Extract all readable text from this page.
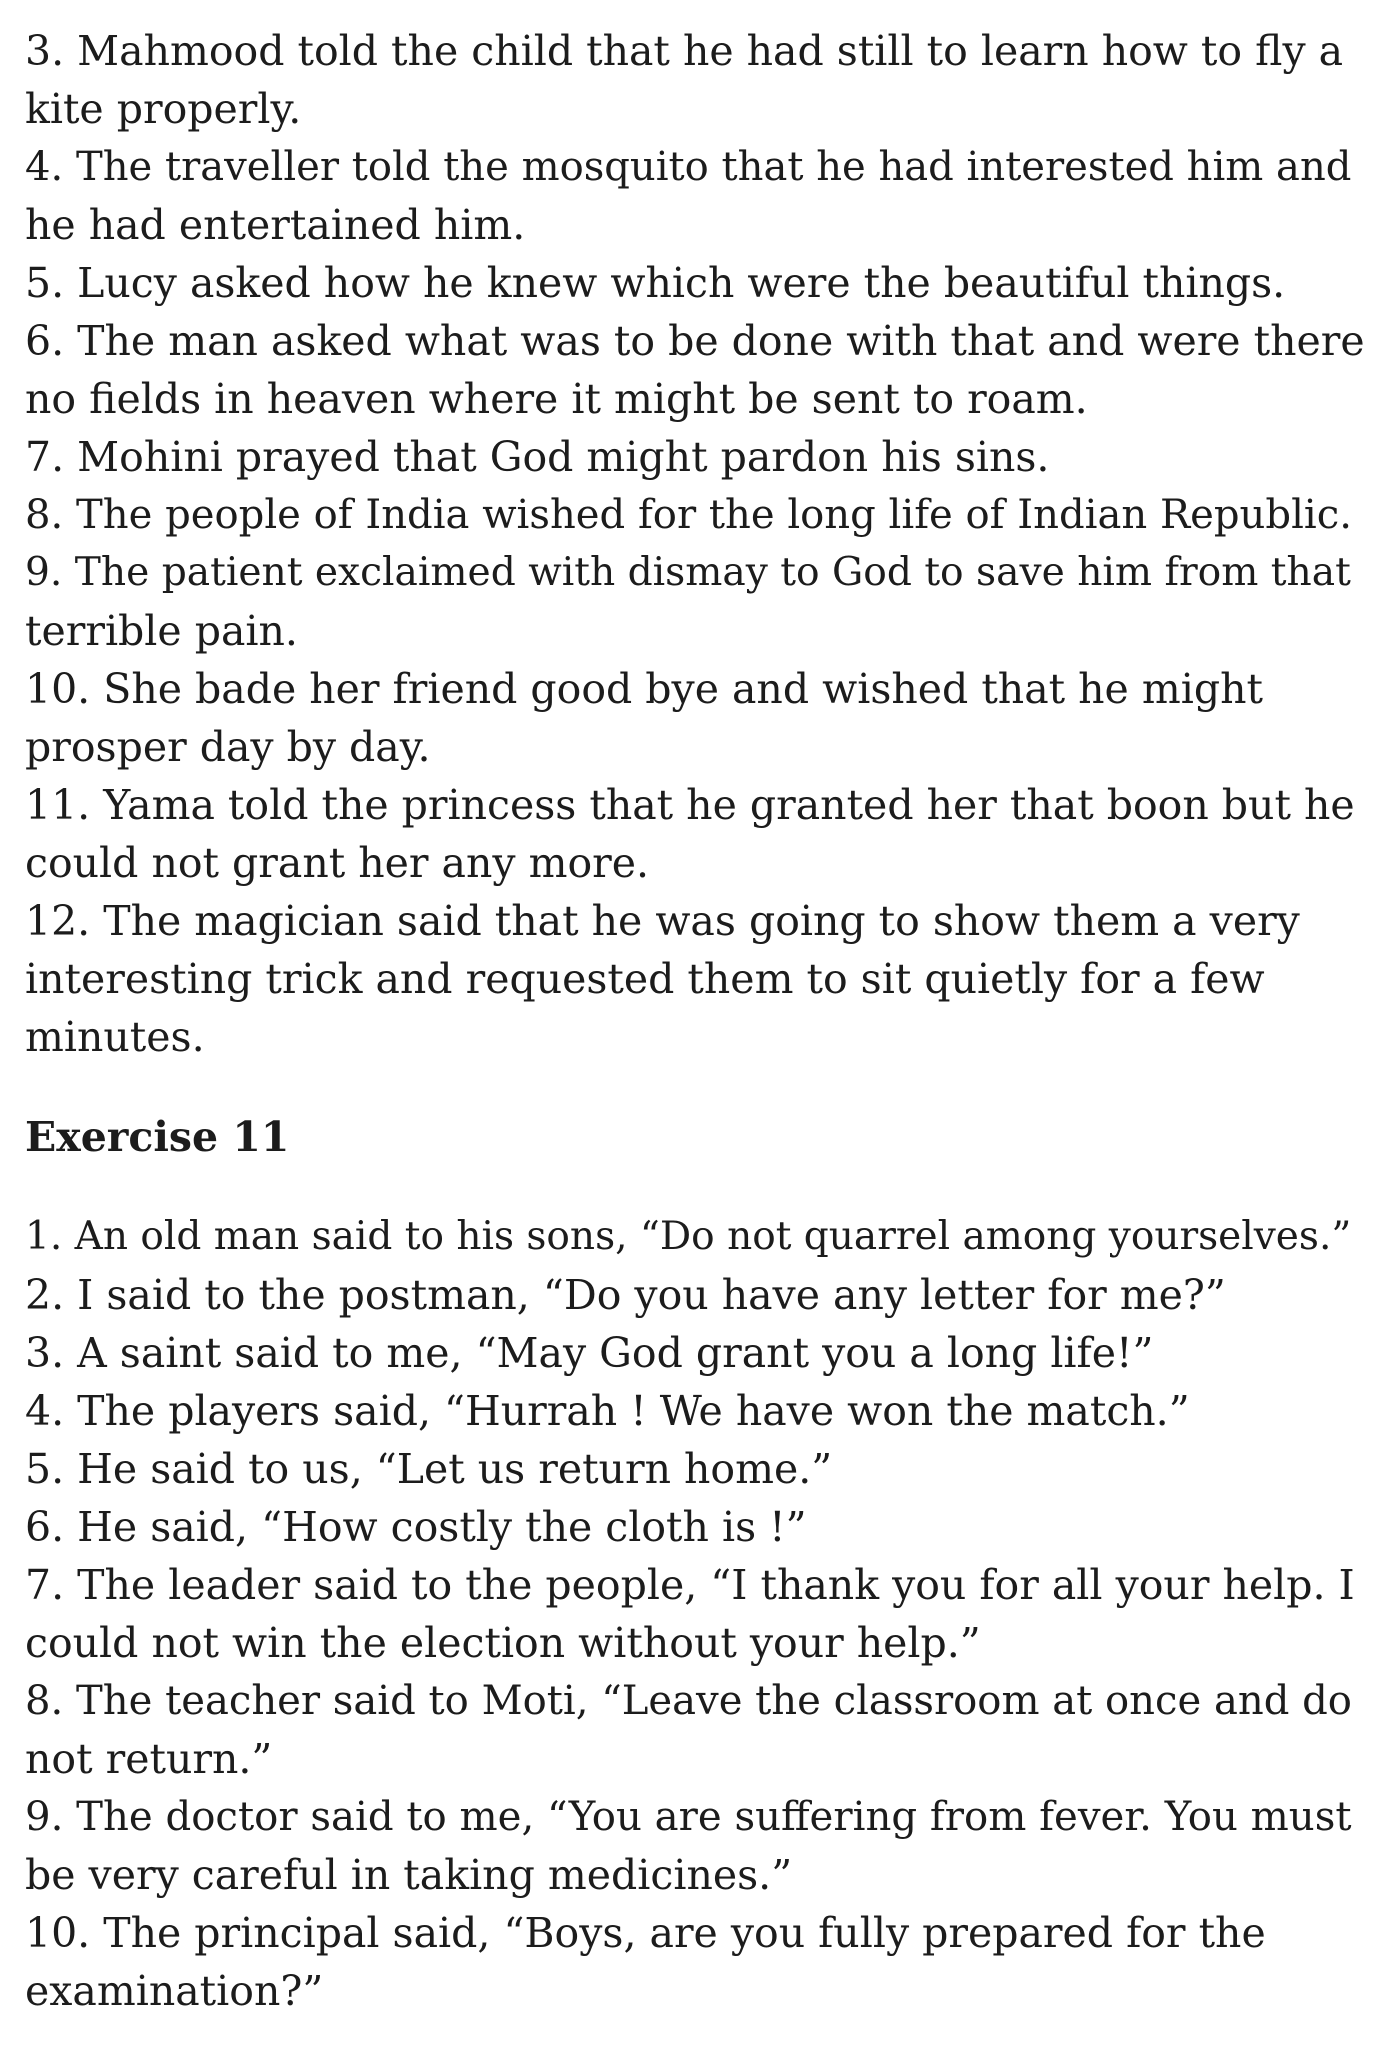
3. Mahmood told the child that he had still to learn how to fly a
kite properly.
4. The traveller told the mosquito that he had interested him and
he had entertained him.
5. Lucy asked how he knew which were the beautiful things.
6. The man asked what was to be done with that and were there
no fields in heaven where it might be sent to roam.
7. Mohini prayed that God might pardon his sins.
8. The people of India wished for the long life of Indian Republic.
9. The patient exclaimed with dismay to God to save him from that
terrible pain.
10. She bade her friend good bye and wished that he might
prosper day by day.
11. Yama told the princess that he granted her that boon but he
could not grant her any more.
12. The magician said that he was going to show them a very
interesting trick and requested them to sit quietly for a few
minutes.
Exercise 11
1. An old man said to his sons, “Do not quarrel among yourselves.”
2. I said to the postman, “Do you have any letter for me?”
3. A saint said to me, “May God grant you a long life!”
4. The players said, “Hurrah ! We have won the match.”
5. He said to us, “Let us return home.”
6. He said, “How costly the cloth is !”
7. The leader said to the people, “I thank you for all your help. I
could not win the election without your help.”
8. The teacher said to Moti, “Leave the classroom at once and do
not return.”
9. The doctor said to me, “You are suffering from fever. You must
be very careful in taking medicines.”
10. The principal said, “Boys, are you fully prepared for the
examination?”
